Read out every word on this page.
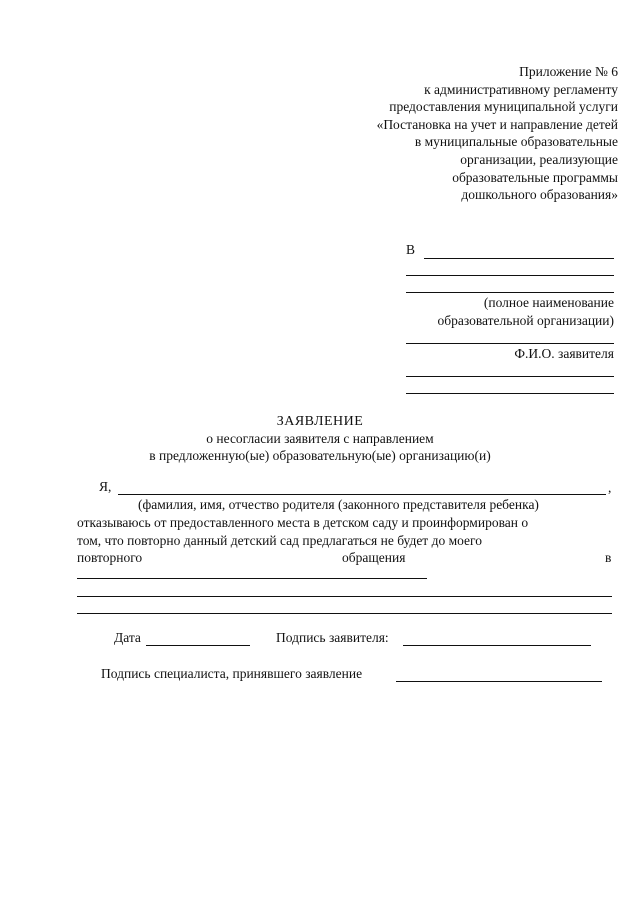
Приложение № 6
к административному регламенту
предоставления муниципальной услуги
«Постановка на учет и направление детей
в муниципальные образовательные
организации, реализующие
образовательные программы
дошкольного образования»
В
(полное наименование
образовательной организации)
Ф.И.О. заявителя
ЗАЯВЛЕНИЕ
о несогласии заявителя с направлением
в предложенную(ые) образовательную(ые) организацию(и)
Я,	,
(фамилия, имя, отчество родителя (законного представителя ребенка)
отказываюсь от предоставленного места в детском саду и проинформирован о
том, что повторно данный детский сад предлагаться не будет до моего
повторного	обращения	в
Дата	Подпись заявителя:
Подпись специалиста, принявшего заявление
